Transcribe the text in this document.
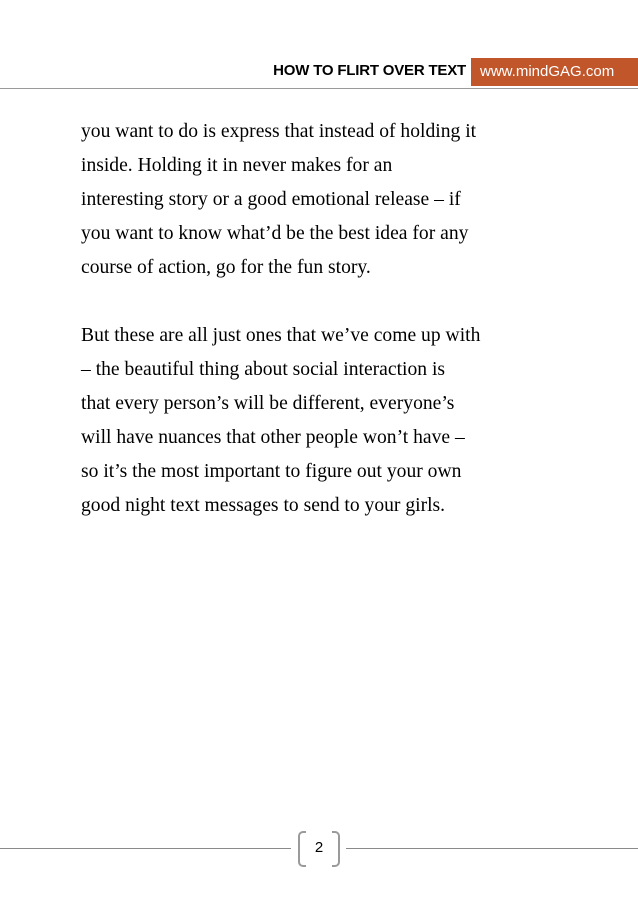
HOW TO FLIRT OVER TEXT www.mindGAG.com

you want to do is express that instead of holding it
inside. Holding it in never makes for an
interesting story or a good emotional release – if
you want to know what’d be the best idea for any
course of action, go for the fun story.

But these are all just ones that we’ve come up with
– the beautiful thing about social interaction is
that every person’s will be different, everyone’s
will have nuances that other people won’t have –
so it’s the most important to figure out your own
good night text messages to send to your girls.

2
